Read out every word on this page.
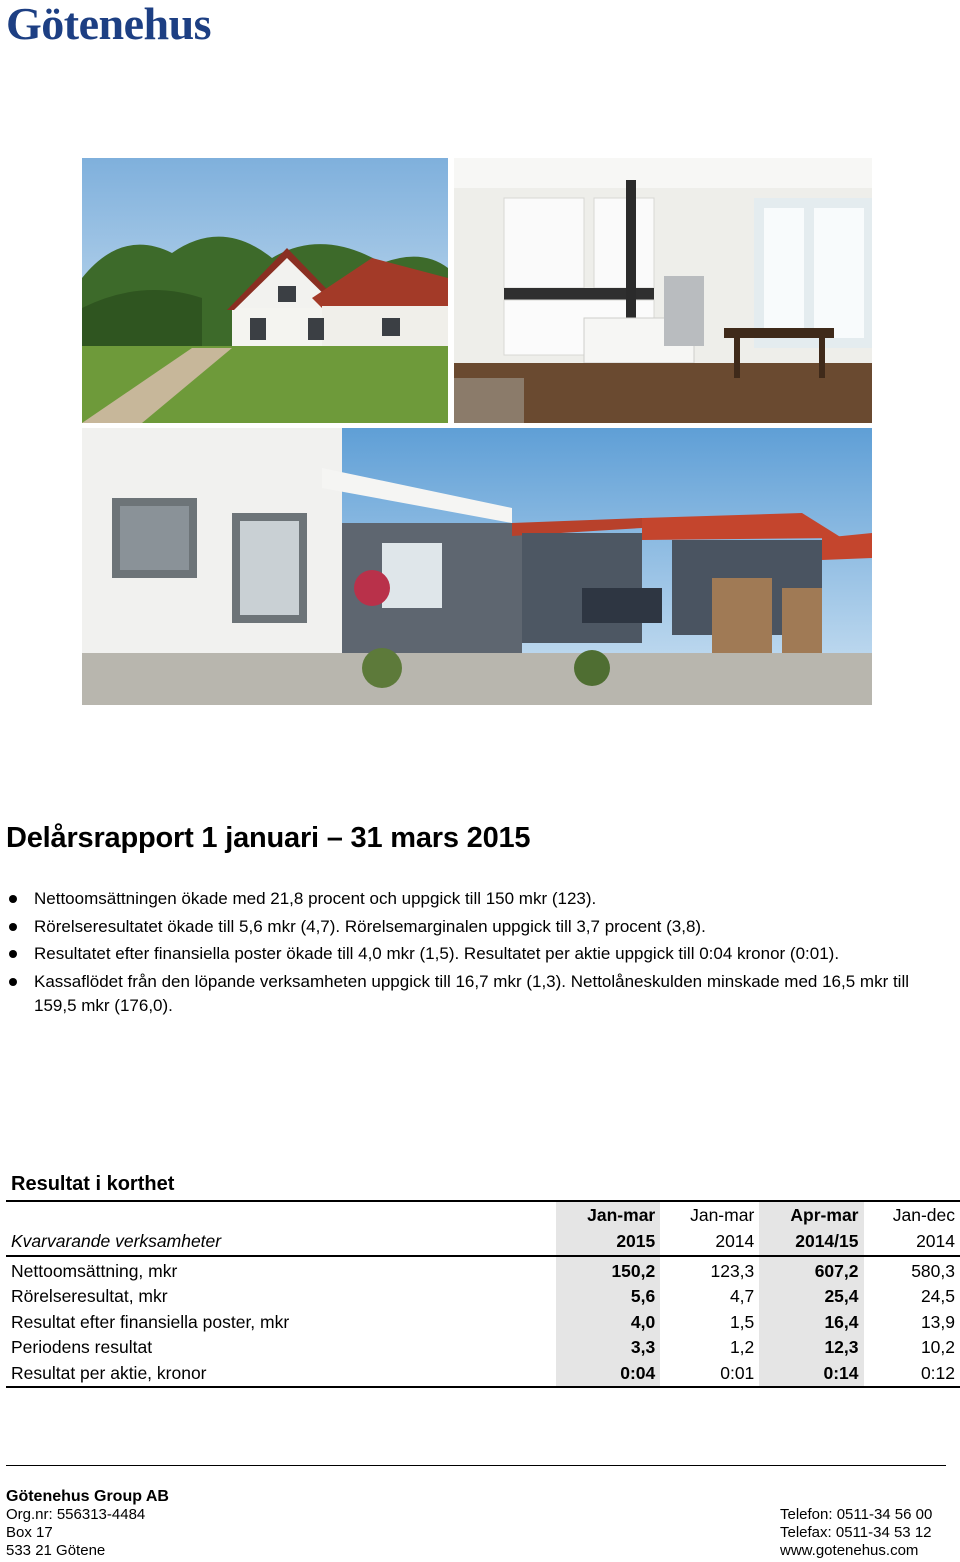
Götenehus
Delårsrapport 1 januari – 31 mars 2015
Nettoomsättningen ökade med 21,8 procent och uppgick till 150 mkr (123).
Rörelseresultatet ökade till 5,6 mkr (4,7). Rörelsemarginalen uppgick till 3,7 procent (3,8).
Resultatet efter finansiella poster ökade till 4,0 mkr (1,5). Resultatet per aktie uppgick till 0:04 kronor (0:01).
Kassaflödet från den löpande verksamheten uppgick till 16,7 mkr (1,3). Nettolåneskulden minskade med 16,5 mkr till 159,5 mkr (176,0).
Resultat i korthet
	Jan-mar	Jan-mar	Apr-mar	Jan-dec
Kvarvarande verksamheter	2015	2014	2014/15	2014
Nettoomsättning, mkr	150,2	123,3	607,2	580,3
Rörelseresultat, mkr	5,6	4,7	25,4	24,5
Resultat efter finansiella poster, mkr	4,0	1,5	16,4	13,9
Periodens resultat	3,3	1,2	12,3	10,2
Resultat per aktie, kronor	0:04	0:01	0:14	0:12
Götenehus Group AB
Org.nr: 556313-4484
Box 17
533 21 Götene
Telefon: 0511-34 56 00
Telefax: 0511-34 53 12
www.gotenehus.com
